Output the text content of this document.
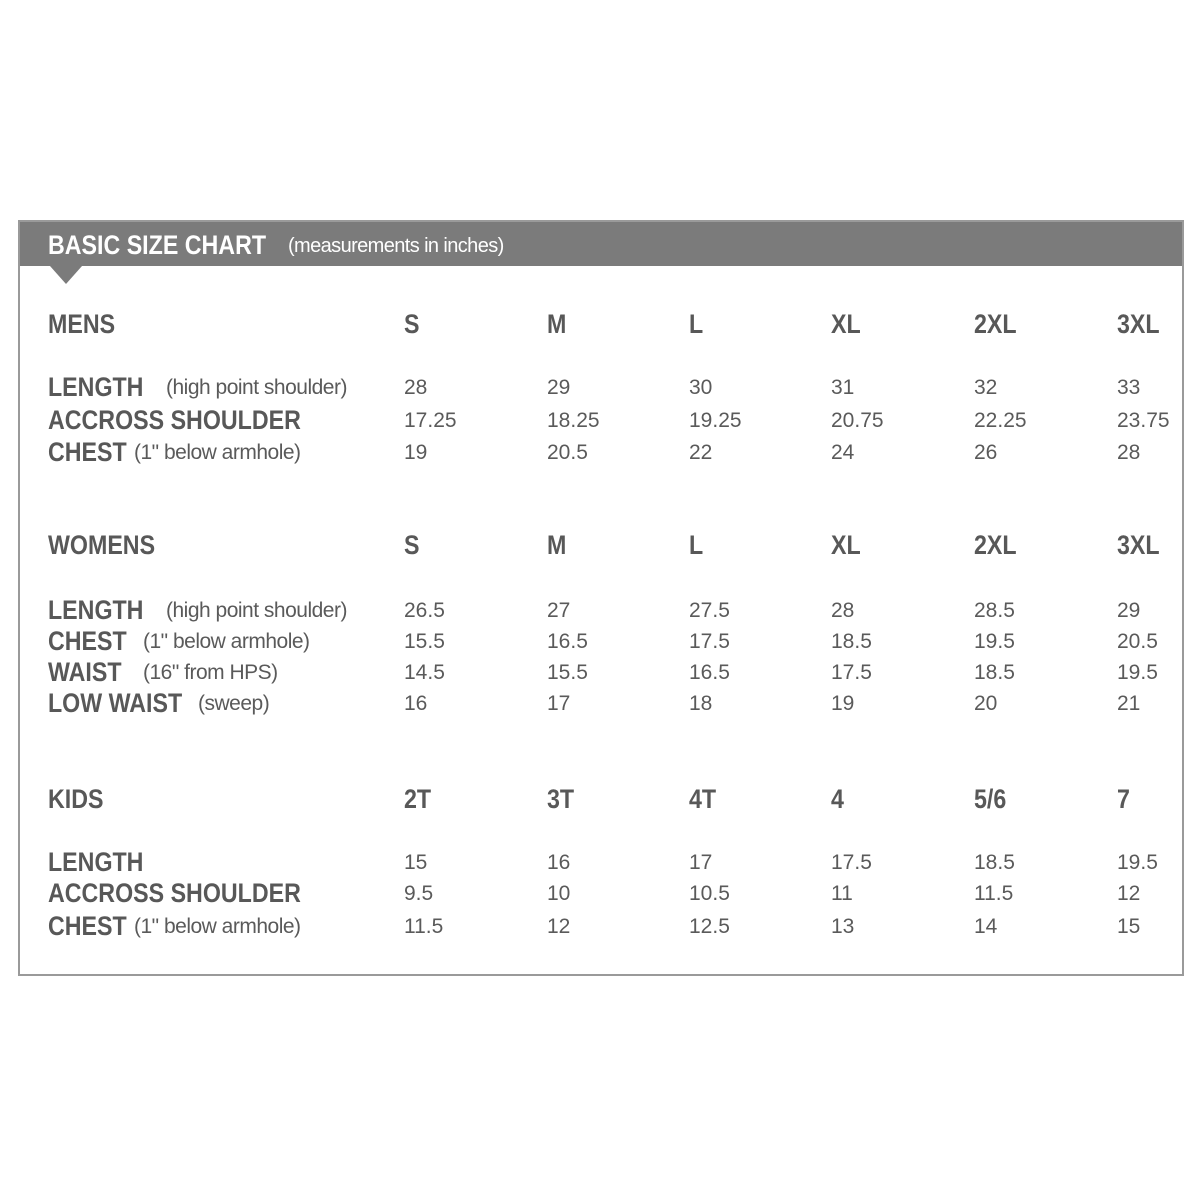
BASIC SIZE CHART (measurements in inches)
MENS	S	M	L	XL	2XL	3XL
LENGTH (high point shoulder)	28	29	30	31	32	33
ACCROSS SHOULDER	17.25	18.25	19.25	20.75	22.25	23.75
CHEST (1" below armhole)	19	20.5	22	24	26	28
WOMENS	S	M	L	XL	2XL	3XL
LENGTH (high point shoulder)	26.5	27	27.5	28	28.5	29
CHEST (1" below armhole)	15.5	16.5	17.5	18.5	19.5	20.5
WAIST (16" from HPS)	14.5	15.5	16.5	17.5	18.5	19.5
LOW WAIST (sweep)	16	17	18	19	20	21
KIDS	2T	3T	4T	4	5/6	7
LENGTH	15	16	17	17.5	18.5	19.5
ACCROSS SHOULDER	9.5	10	10.5	11	11.5	12
CHEST (1" below armhole)	11.5	12	12.5	13	14	15
